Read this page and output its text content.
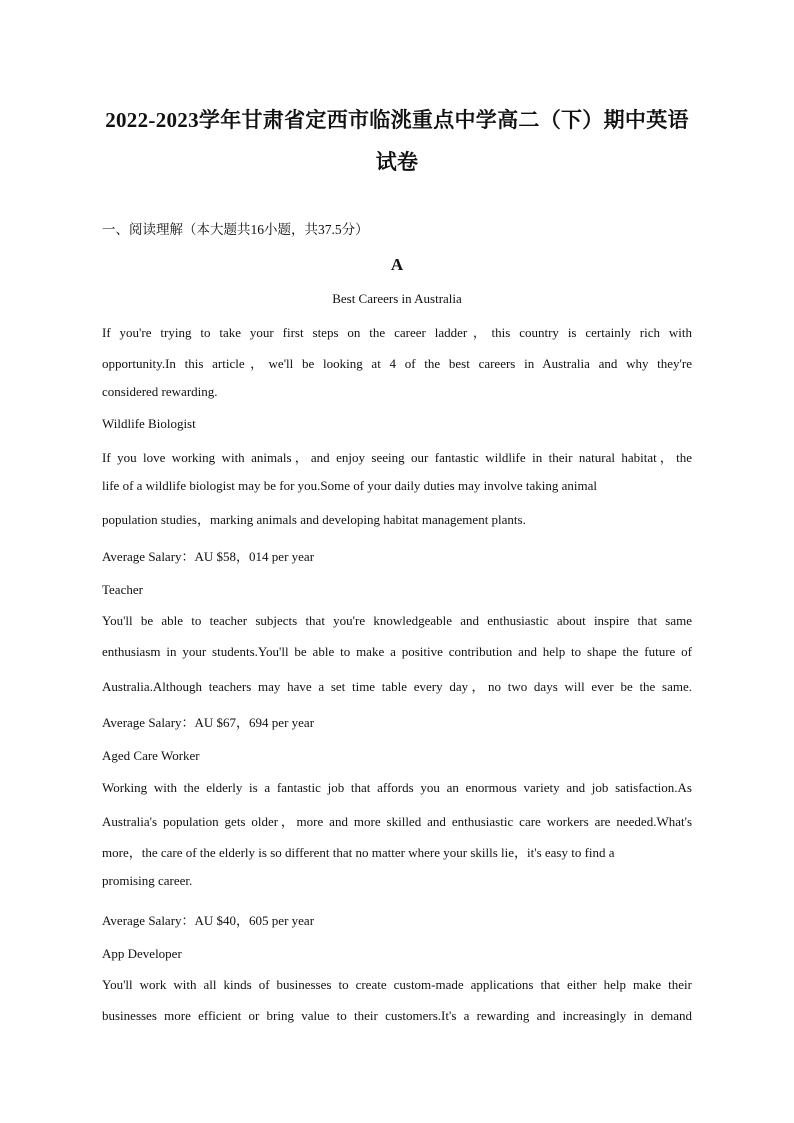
2022-2023学年甘肃省定西市临洮重点中学高二（下）期中英语
试卷
一、阅读理解（本大题共16小题，共37.5分）
A
Best Careers in Australia
If you're trying to take your first steps on the career ladder，this country is certainly rich with
opportunity.In this article，we'll be looking at 4 of the best careers in Australia and why they're
considered rewarding.
Wildlife Biologist
If you love working with animals，and enjoy seeing our fantastic wildlife in their natural habitat，the
life of a wildlife biologist may be for you.Some of your daily duties may involve taking animal
population studies，marking animals and developing habitat management plants.
Average Salary：AU $58，014 per year
Teacher
You'll be able to teacher subjects that you're knowledgeable and enthusiastic about inspire that same
enthusiasm in your students.You'll be able to make a positive contribution and help to shape the future of
Australia.Although teachers may have a set time table every day，no two days will ever be the same.
Average Salary：AU $67，694 per year
Aged Care Worker
Working with the elderly is a fantastic job that affords you an enormous variety and job satisfaction.As
Australia's population gets older，more and more skilled and enthusiastic care workers are needed.What's
more，the care of the elderly is so different that no matter where your skills lie，it's easy to find a
promising career.
Average Salary：AU $40，605 per year
App Developer
You'll work with all kinds of businesses to create custom-made applications that either help make their
businesses more efficient or bring value to their customers.It's a rewarding and increasingly in demand
